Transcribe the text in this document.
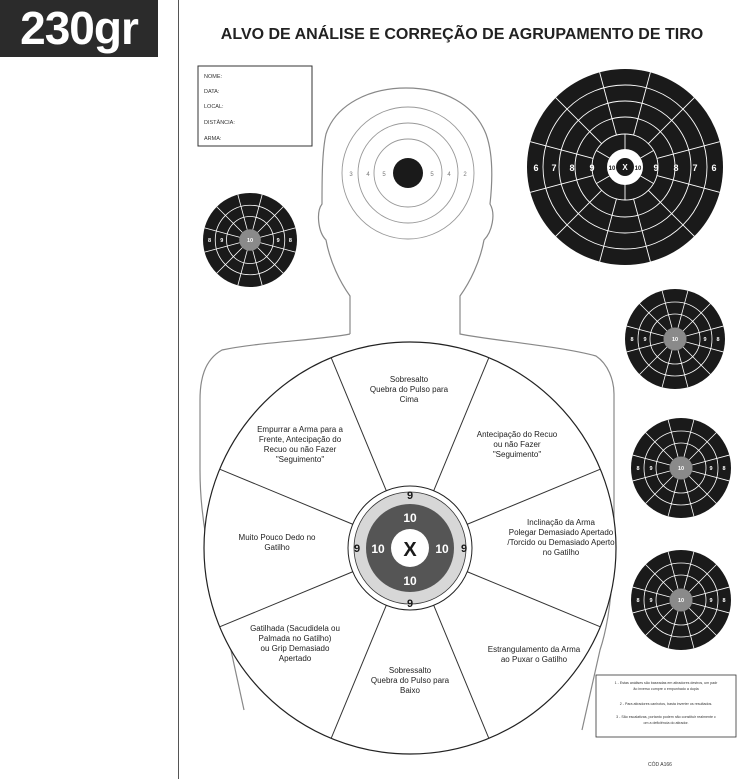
230gr	ALVO DE ANÁLISE E CORREÇÃO DE AGRUPAMENTO DE TIRO
3 4 5	5 4 2
NOME:
DATA:
LOCAL:
DISTÂNCIA:
ARMA:
6 7 8 9 10 X 10 9 8 7 6
8 9	10	9 8
8 9	10	9 8
8 9	10	9 8
8 9	10	9 8
9
10
9 10 X 10 9
10
9
Sobresalto
Quebra do Pulso para
Cima
Antecipação do Recuo
ou não Fazer
"Seguimento"
Inclinação da Arma
Polegar Demasiado Apertado
/Torcido ou Demasiado Aperto
no Gatilho
Estrangulamento da Arma
ao Puxar o Gatilho
Sobressalto
Quebra do Pulso para
Baixo
Gatilhada (Sacudidela ou
Palmada no Gatilho)
ou Grip Demasiado
Apertado
Muito Pouco Dedo no
Gatilho
Empurrar a Arma para a
Frente, Antecipação do
Recuo ou não Fazer
"Seguimento"
1 - Estas análises são baseadas em atiradores destros, um padr
ão inverso cumpre o empunhado a dupla
2 - Para atiradores canhotos, basta inverter os resultados.
3 - São escalativas, portanto podem não constituir realmente c
om a deficiência do atirador.
CÓD A166
